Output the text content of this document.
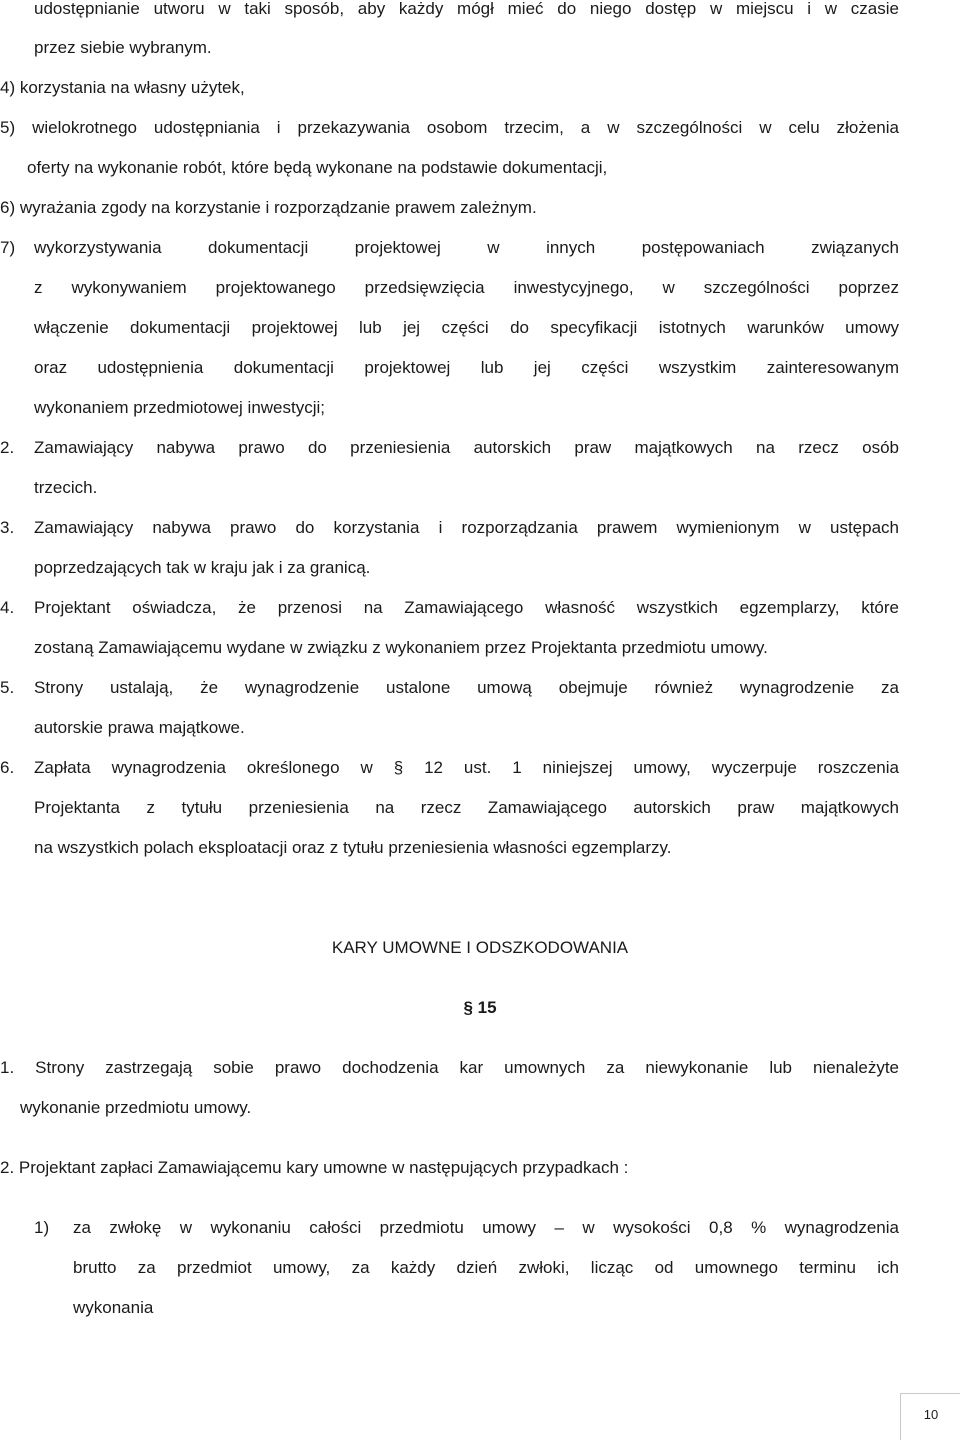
udostępnianie utworu w taki sposób, aby każdy mógł mieć do niego dostęp w miejscu i w czasie
przez siebie wybranym.
4) korzystania na własny użytek,
5) wielokrotnego udostępniania i przekazywania osobom trzecim, a w szczególności w celu złożenia
oferty na wykonanie robót, które będą wykonane na podstawie dokumentacji,
6) wyrażania zgody na korzystanie i rozporządzanie prawem zależnym.
7) wykorzystywania dokumentacji projektowej w innych postępowaniach związanych
z wykonywaniem projektowanego przedsięwzięcia inwestycyjnego, w szczególności poprzez
włączenie dokumentacji projektowej lub jej części do specyfikacji istotnych warunków umowy
oraz udostępnienia dokumentacji projektowej lub jej części wszystkim zainteresowanym
wykonaniem przedmiotowej inwestycji;
2. Zamawiający nabywa prawo do przeniesienia autorskich praw majątkowych na rzecz osób
trzecich.
3. Zamawiający nabywa prawo do korzystania i rozporządzania prawem wymienionym w ustępach
poprzedzających tak w kraju jak i za granicą.
4. Projektant oświadcza, że przenosi na Zamawiającego własność wszystkich egzemplarzy, które
zostaną Zamawiającemu wydane w związku z wykonaniem przez Projektanta przedmiotu umowy.
5. Strony ustalają, że wynagrodzenie ustalone umową obejmuje również wynagrodzenie za
autorskie prawa majątkowe.
6. Zapłata wynagrodzenia określonego w § 12 ust. 1 niniejszej umowy, wyczerpuje roszczenia
Projektanta z tytułu przeniesienia na rzecz Zamawiającego autorskich praw majątkowych
na wszystkich polach eksploatacji oraz z tytułu przeniesienia własności egzemplarzy.
KARY UMOWNE I ODSZKODOWANIA
§ 15
1. Strony zastrzegają sobie prawo dochodzenia kar umownych za niewykonanie lub nienależyte
wykonanie przedmiotu umowy.
2. Projektant zapłaci Zamawiającemu kary umowne w następujących przypadkach :
1) za zwłokę w wykonaniu całości przedmiotu umowy – w wysokości 0,8 % wynagrodzenia
brutto za przedmiot umowy, za każdy dzień zwłoki, licząc od umownego terminu ich
wykonania
10
